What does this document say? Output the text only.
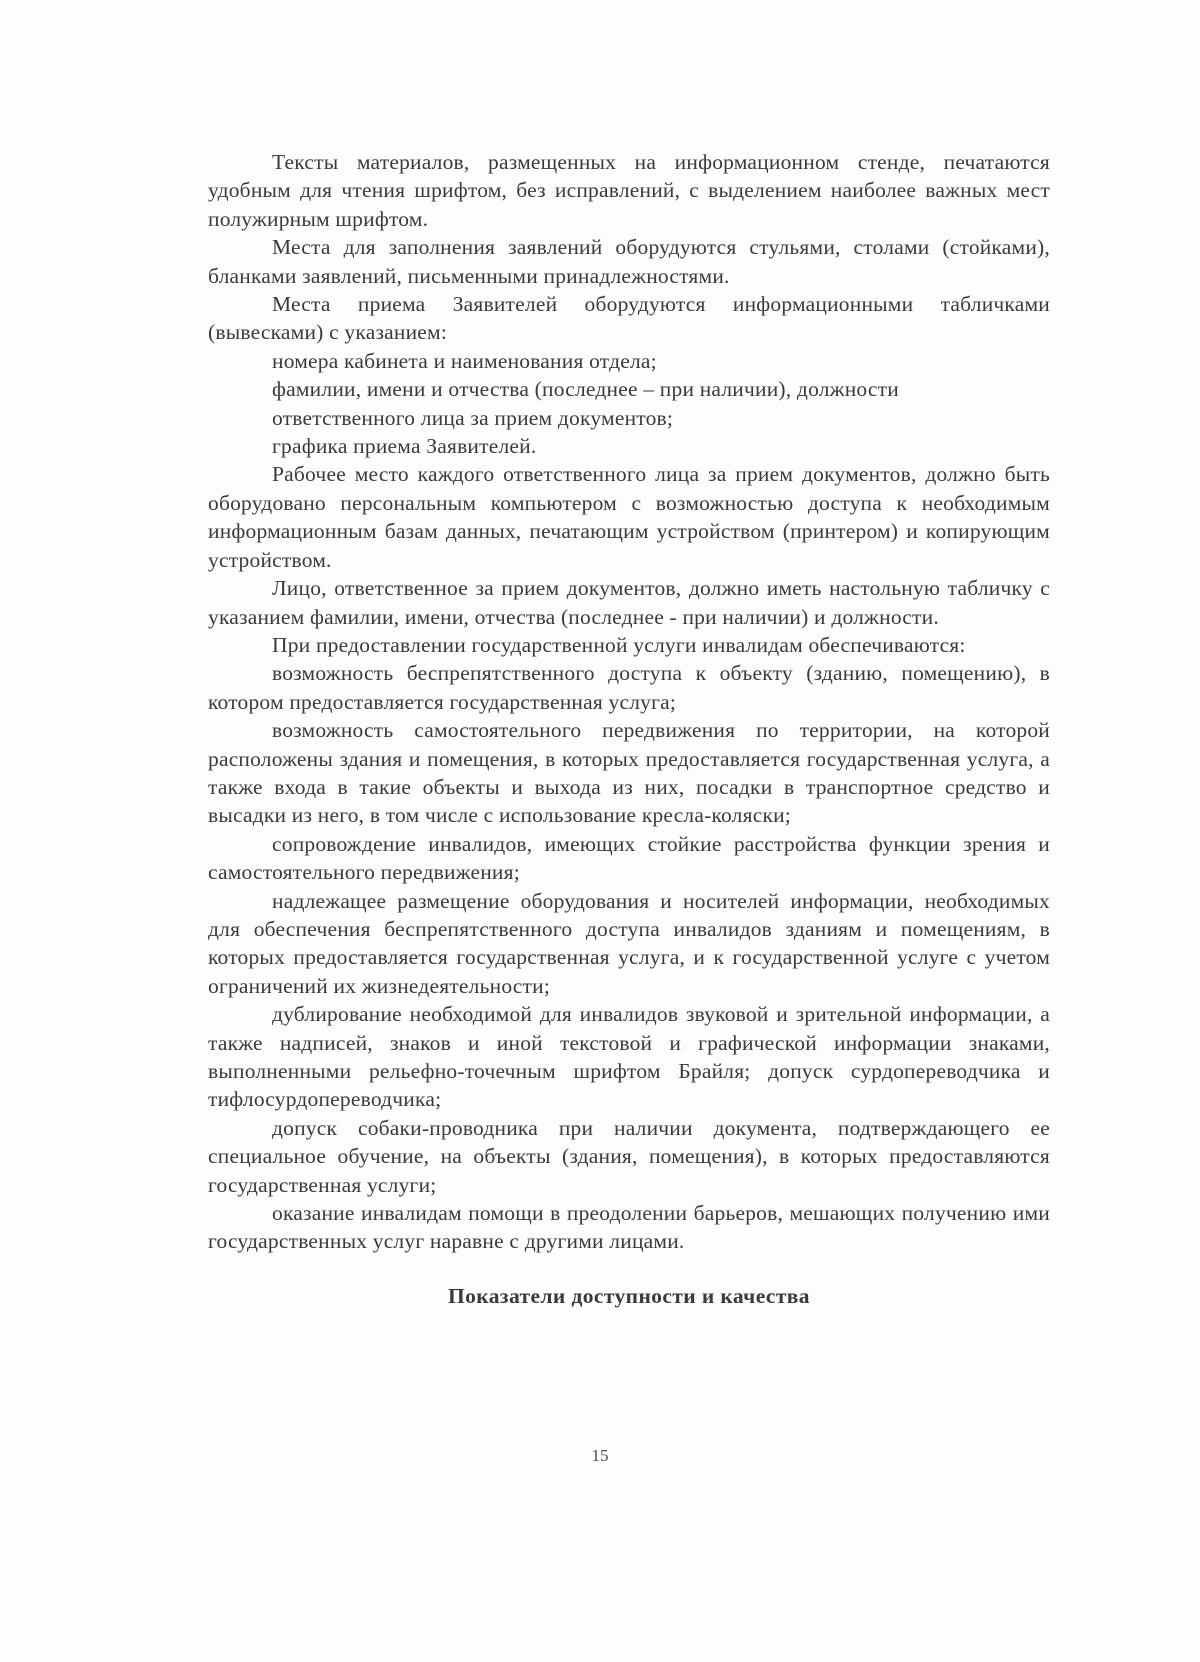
Тексты материалов, размещенных на информационном стенде, печатаются удобным для чтения шрифтом, без исправлений, с выделением наиболее важных мест полужирным шрифтом.

Места для заполнения заявлений оборудуются стульями, столами (стойками), бланками заявлений, письменными принадлежностями.

Места приема Заявителей оборудуются информационными табличками (вывесками) с указанием:

номера кабинета и наименования отдела;

фамилии, имени и отчества (последнее – при наличии), должности

ответственного лица за прием документов;

графика приема Заявителей.

Рабочее место каждого ответственного лица за прием документов, должно быть оборудовано персональным компьютером с возможностью доступа к необходимым информационным базам данных, печатающим устройством (принтером) и копирующим устройством.

Лицо, ответственное за прием документов, должно иметь настольную табличку с указанием фамилии, имени, отчества (последнее - при наличии) и должности.

При предоставлении государственной услуги инвалидам обеспечиваются:

возможность беспрепятственного доступа к объекту (зданию, помещению), в котором предоставляется государственная услуга;

возможность самостоятельного передвижения по территории, на которой расположены здания и помещения, в которых предоставляется государственная услуга, а также входа в такие объекты и выхода из них, посадки в транспортное средство и высадки из него, в том числе с использование кресла-коляски;

сопровождение инвалидов, имеющих стойкие расстройства функции зрения и самостоятельного передвижения;

надлежащее размещение оборудования и носителей информации, необходимых для обеспечения беспрепятственного доступа инвалидов зданиям и помещениям, в которых предоставляется государственная услуга, и к государственной услуге с учетом ограничений их жизнедеятельности;

дублирование необходимой для инвалидов звуковой и зрительной информации, а также надписей, знаков и иной текстовой и графической информации знаками, выполненными рельефно-точечным шрифтом Брайля; допуск сурдопереводчика и тифлосурдопереводчика;

допуск собаки-проводника при наличии документа, подтверждающего ее специальное обучение, на объекты (здания, помещения), в которых предоставляются государственная услуги;

оказание инвалидам помощи в преодолении барьеров, мешающих получению ими государственных услуг наравне с другими лицами.

Показатели доступности и качества
15
